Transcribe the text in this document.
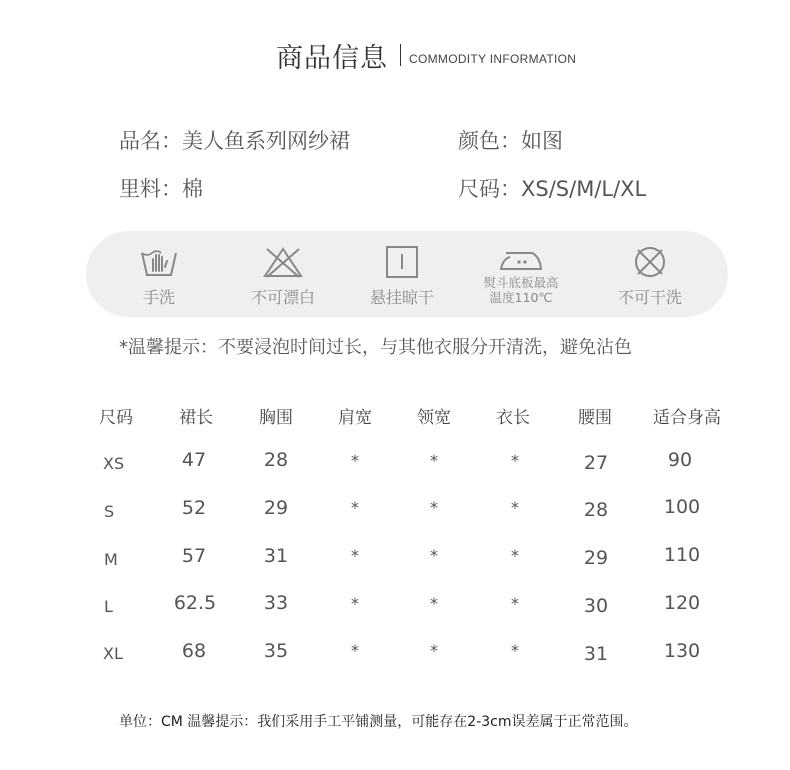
商品信息 COMMODITY INFORMATION
品名：美人鱼系列网纱裙	颜色：如图
里料：棉	尺码：XS/S/M/L/XL
手洗	不可漂白	悬挂晾干
熨斗底板最高
温度110℃	不可干洗
*温馨提示：不要浸泡时间过长，与其他衣服分开清洗，避免沾色
尺码	裙长	胸围	肩宽	领宽	衣长	腰围 适合身高
XS	47	28	*	*	*	27	90
S	52	29	*	*	*	28	100
M	57	31	*	*	*	29	110
L	62.5	33	*	*	*	30	120
XL	68	35	*	*	*	31	130
单位：CM 温馨提示：我们采用手工平铺测量，可能存在2-3cm误差属于正常范围。
